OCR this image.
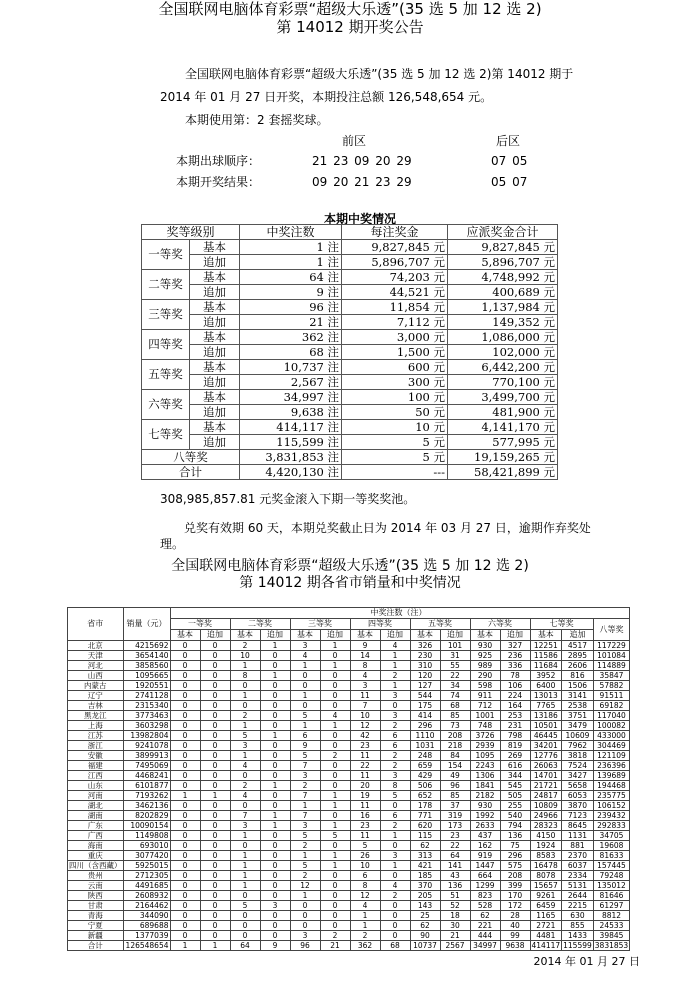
全国联网电脑体育彩票“超级大乐透”(35 选 5 加 12 选 2)
第 14012 期开奖公告
全国联网电脑体育彩票“超级大乐透”(35 选 5 加 12 选 2)第 14012 期于
2014 年 01 月 27 日开奖，本期投注总额 126,548,654 元。
本期使用第：2 套摇奖球。
前区	后区
本期出球顺序：	21 23 09 20 29	07 05
本期开奖结果：	09 20 21 23 29	05 07
本期中奖情况
奖等级别		中奖注数	每注奖金	应派奖金合计
一等奖	基本	1 注	9,827,845 元	9,827,845 元
	追加	1 注	5,896,707 元	5,896,707 元
二等奖	基本	64 注	74,203 元	4,748,992 元
	追加	9 注	44,521 元	400,689 元
三等奖	基本	96 注	11,854 元	1,137,984 元
	追加	21 注	7,112 元	149,352 元
四等奖	基本	362 注	3,000 元	1,086,000 元
	追加	68 注	1,500 元	102,000 元
五等奖	基本	10,737 注	600 元	6,442,200 元
	追加	2,567 注	300 元	770,100 元
六等奖	基本	34,997 注	100 元	3,499,700 元
	追加	9,638 注	50 元	481,900 元
七等奖	基本	414,117 注	10 元	4,141,170 元
	追加	115,599 注	5 元	577,995 元
八等奖		3,831,853 注	5 元	19,159,265 元
合计		4,420,130 注	---	58,421,899 元
308,985,857.81 元奖金滚入下期一等奖奖池。
兑奖有效期 60 天，本期兑奖截止日为 2014 年 03 月 27 日，逾期作弃奖处
理。
全国联网电脑体育彩票“超级大乐透”(35 选 5 加 12 选 2)
第 14012 期各省市销量和中奖情况
省市	销量（元）	中奖注数（注）														
		一等奖		二等奖		三等奖		四等奖		五等奖		六等奖		七等奖		八等奖
		基本	追加	基本	追加	基本	追加	基本	追加	基本	追加	基本	追加	基本	追加	
北京	4215692	0	0	2	1	3	1	9	4	326	101	930	327	12251	4517	117229
天津	3654140	0	0	10	0	4	0	14	1	230	31	925	236	11586	2895	101084
河北	3858560	0	0	1	0	1	1	8	1	310	55	989	336	11684	2606	114889
山西	1095665	0	0	8	1	0	0	4	2	120	22	290	78	3952	816	35847
内蒙古	1920551	0	0	0	0	0	0	3	1	127	34	598	106	6400	1506	57882
辽宁	2741128	0	0	1	0	1	0	11	3	544	74	911	224	13013	3141	91511
吉林	2315340	0	0	0	0	0	0	7	0	175	68	712	164	7765	2538	69182
黑龙江	3773463	0	0	2	0	5	4	10	3	414	85	1001	253	13186	3751	117040
上海	3603298	0	0	1	0	1	1	12	2	296	73	748	231	10501	3479	100082
江苏	13982804	0	0	5	1	6	0	42	6	1110	208	3726	798	46445	10609	433000
浙江	9241078	0	0	3	0	9	0	23	6	1031	218	2939	819	34201	7962	304469
安徽	3899913	0	0	1	0	5	2	11	2	248	84	1095	269	12776	3818	121109
福建	7495069	0	0	4	0	7	0	22	2	659	154	2243	616	26063	7524	236396
江西	4468241	0	0	0	0	3	0	11	3	429	49	1306	344	14701	3427	139689
山东	6101877	0	0	2	1	2	0	20	8	506	96	1841	545	21721	5658	194468
河南	7193262	1	1	4	0	7	1	19	5	652	85	2182	505	24817	6053	235775
湖北	3462136	0	0	0	0	1	1	11	0	178	37	930	255	10809	3870	106152
湖南	8202829	0	0	7	1	7	0	16	6	771	319	1992	540	24966	7123	239432
广东	10090154	0	0	3	1	3	1	23	2	620	173	2633	794	28323	8645	292833
广西	1149808	0	0	1	0	5	5	11	1	115	23	437	136	4150	1131	34705
海南	693010	0	0	0	0	2	0	5	0	62	22	162	75	1924	881	19608
重庆	3077420	0	0	1	0	1	1	26	3	313	64	919	296	8583	2370	81633
四川（含西藏）	5925015	0	0	1	0	5	1	10	1	421	141	1447	575	16478	6037	157445
贵州	2712305	0	0	1	0	2	0	6	0	185	43	664	208	8078	2334	79248
云南	4491685	0	0	1	0	12	0	8	4	370	136	1299	399	15657	5131	135012
陕西	2608932	0	0	0	0	1	0	12	2	205	51	823	170	9261	2644	81646
甘肃	2164462	0	0	5	3	0	0	4	0	143	52	528	172	6459	2215	61297
青海	344090	0	0	0	0	0	0	1	0	25	18	62	28	1165	630	8812
宁夏	689688	0	0	0	0	0	0	1	0	62	30	221	40	2721	855	24533
新疆	1377039	0	0	0	0	3	2	2	0	90	21	444	99	4481	1433	39845
合计	126548654	1	1	64	9	96	21	362	68	10737	2567	34997	9638	414117	115599	3831853
2014 年 01 月 27 日
